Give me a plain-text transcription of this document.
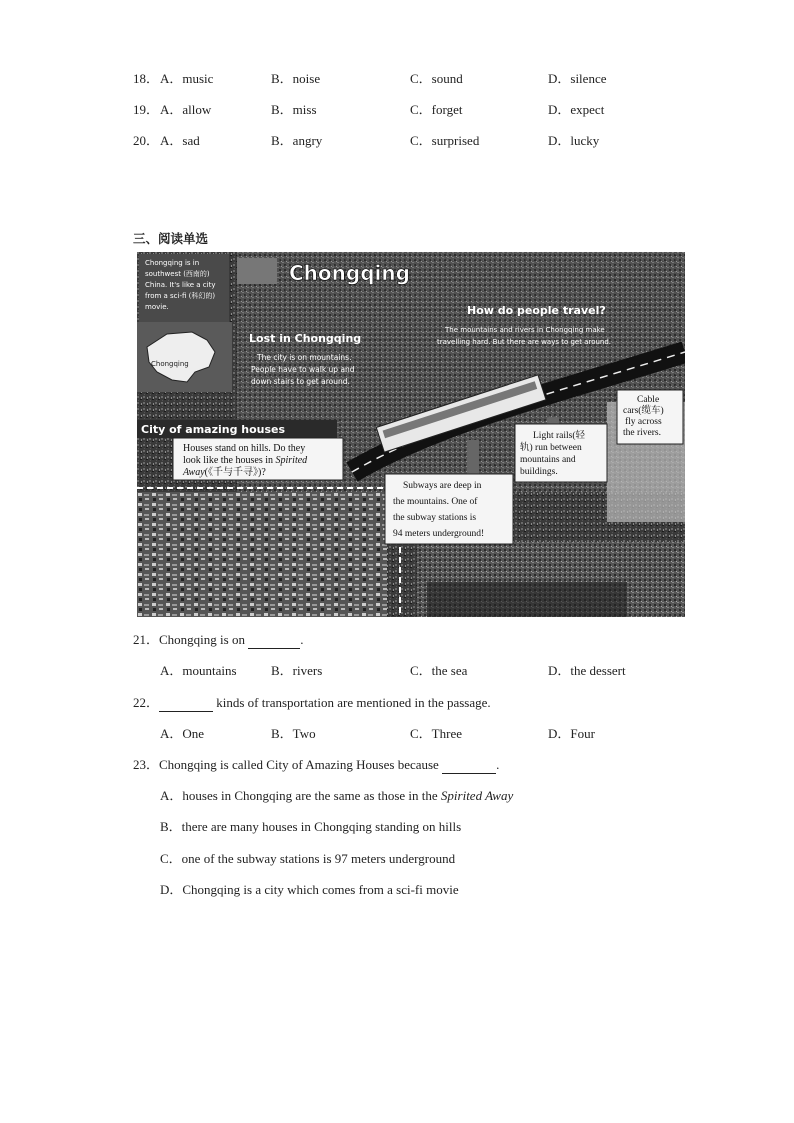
18． A．music	B．noise	C．sound	D．silence
19． A．allow	B．miss	C．forget	D．expect
20． A．sad	B．angry	C．surprised	D．lucky
三、阅读单选
Chongqing
Chongqing is in
southwest (西南的)
China. It's like a city
from a sci-fi (科幻的)
movie.
Chongqing
Lost in Chongqing
The city is on mountains.
People have to walk up and
down stairs to get around.
How do people travel?
The mountains and rivers in Chongqing make
travelling hard. But there are ways to get around.
City of amazing houses
Houses stand on hills. Do they
look like the houses in Spirited
Away(《千与千寻》)?
Cable
cars(缆车)
fly across
the rivers.
Light rails(轻
轨) run between
mountains and
buildings.
Subways are deep in
the mountains. One of
the subway stations is
94 meters underground!
21．Chongqing is on	.
A．mountains	B．rivers	C．the sea	D．the dessert
22．	kinds of transportation are mentioned in the passage.
A．One	B．Two	C．Three	D．Four
23．Chongqing is called City of Amazing Houses because	.
A．houses in Chongqing are the same as those in the Spirited Away
B．there are many houses in Chongqing standing on hills
C．one of the subway stations is 97 meters underground
D．Chongqing is a city which comes from a sci-fi movie
